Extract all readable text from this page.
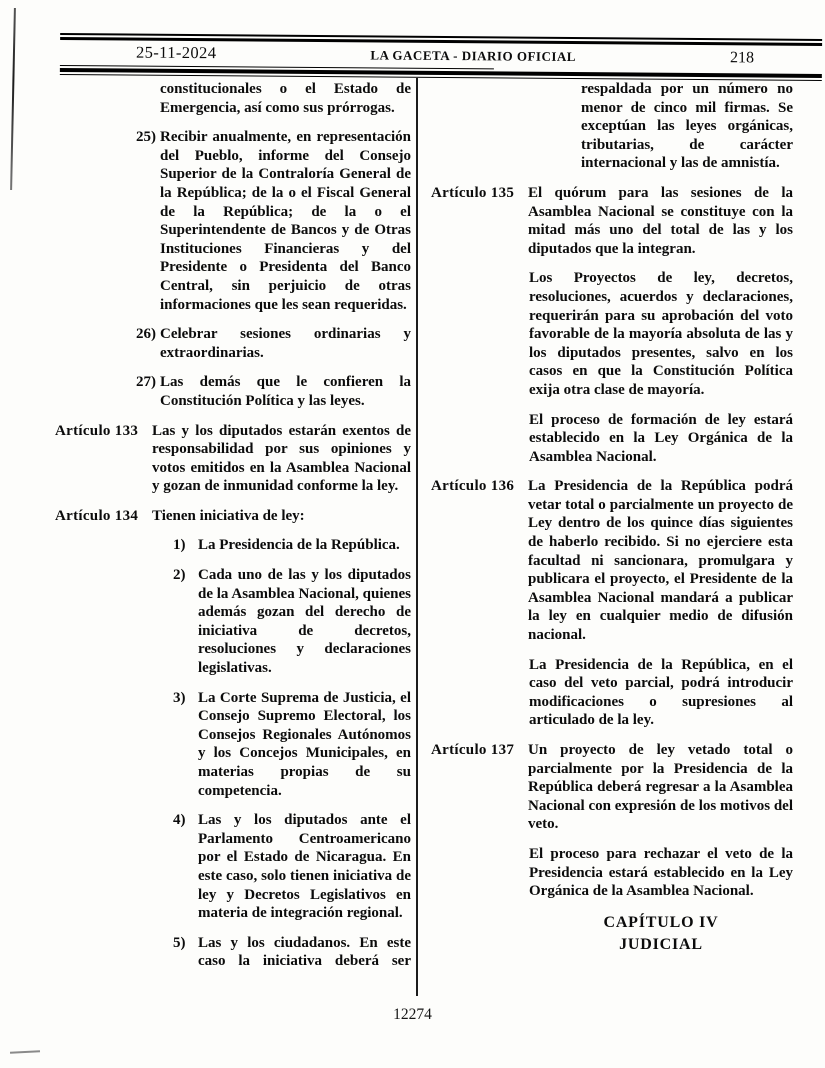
25-11-2024	LA GACETA - DIARIO OFICIAL	218

constitucionales o el Estado de Emergencia, así como sus prórrogas.

25) Recibir anualmente, en representación del Pueblo, informe del Consejo Superior de la Contraloría General de la República; de la o el Fiscal General de la República; de la o el Superintendente de Bancos y de Otras Instituciones Financieras y del Presidente o Presidenta del Banco Central, sin perjuicio de otras informaciones que les sean requeridas.
26) Celebrar sesiones ordinarias y extraordinarias.
27) Las demás que le confieren la Constitución Política y las leyes.
Artículo 133 Las y los diputados estarán exentos de responsabilidad por sus opiniones y votos emitidos en la Asamblea Nacional y gozan de inmunidad conforme la ley.
Artículo 134 Tienen iniciativa de ley:
1) La Presidencia de la República.
2) Cada uno de las y los diputados de la Asamblea Nacional, quienes además gozan del derecho de iniciativa de decretos, resoluciones y declaraciones legislativas.
3) La Corte Suprema de Justicia, el Consejo Supremo Electoral, los Consejos Regionales Autónomos y los Concejos Municipales, en materias propias de su competencia.
4) Las y los diputados ante el Parlamento Centroamericano por el Estado de Nicaragua. En este caso, solo tienen iniciativa de ley y Decretos Legislativos en materia de integración regional.
5) Las y los ciudadanos. En este caso la iniciativa deberá ser

respaldada por un número no menor de cinco mil firmas. Se exceptúan las leyes orgánicas, tributarias, de carácter internacional y las de amnistía.

Artículo 135 El quórum para las sesiones de la Asamblea Nacional se constituye con la mitad más uno del total de las y los diputados que la integran.

Los Proyectos de ley, decretos, resoluciones, acuerdos y declaraciones, requerirán para su aprobación del voto favorable de la mayoría absoluta de las y los diputados presentes, salvo en los casos en que la Constitución Política exija otra clase de mayoría.

El proceso de formación de ley estará establecido en la Ley Orgánica de la Asamblea Nacional.

Artículo 136 La Presidencia de la República podrá vetar total o parcialmente un proyecto de Ley dentro de los quince días siguientes de haberlo recibido. Si no ejerciere esta facultad ni sancionara, promulgara y publicara el proyecto, el Presidente de la Asamblea Nacional mandará a publicar la ley en cualquier medio de difusión nacional.

La Presidencia de la República, en el caso del veto parcial, podrá introducir modificaciones o supresiones al articulado de la ley.

Artículo 137 Un proyecto de ley vetado total o parcialmente por la Presidencia de la República deberá regresar a la Asamblea Nacional con expresión de los motivos del veto.

El proceso para rechazar el veto de la Presidencia estará establecido en la Ley Orgánica de la Asamblea Nacional.

CAPÍTULO IV
JUDICIAL
12274
